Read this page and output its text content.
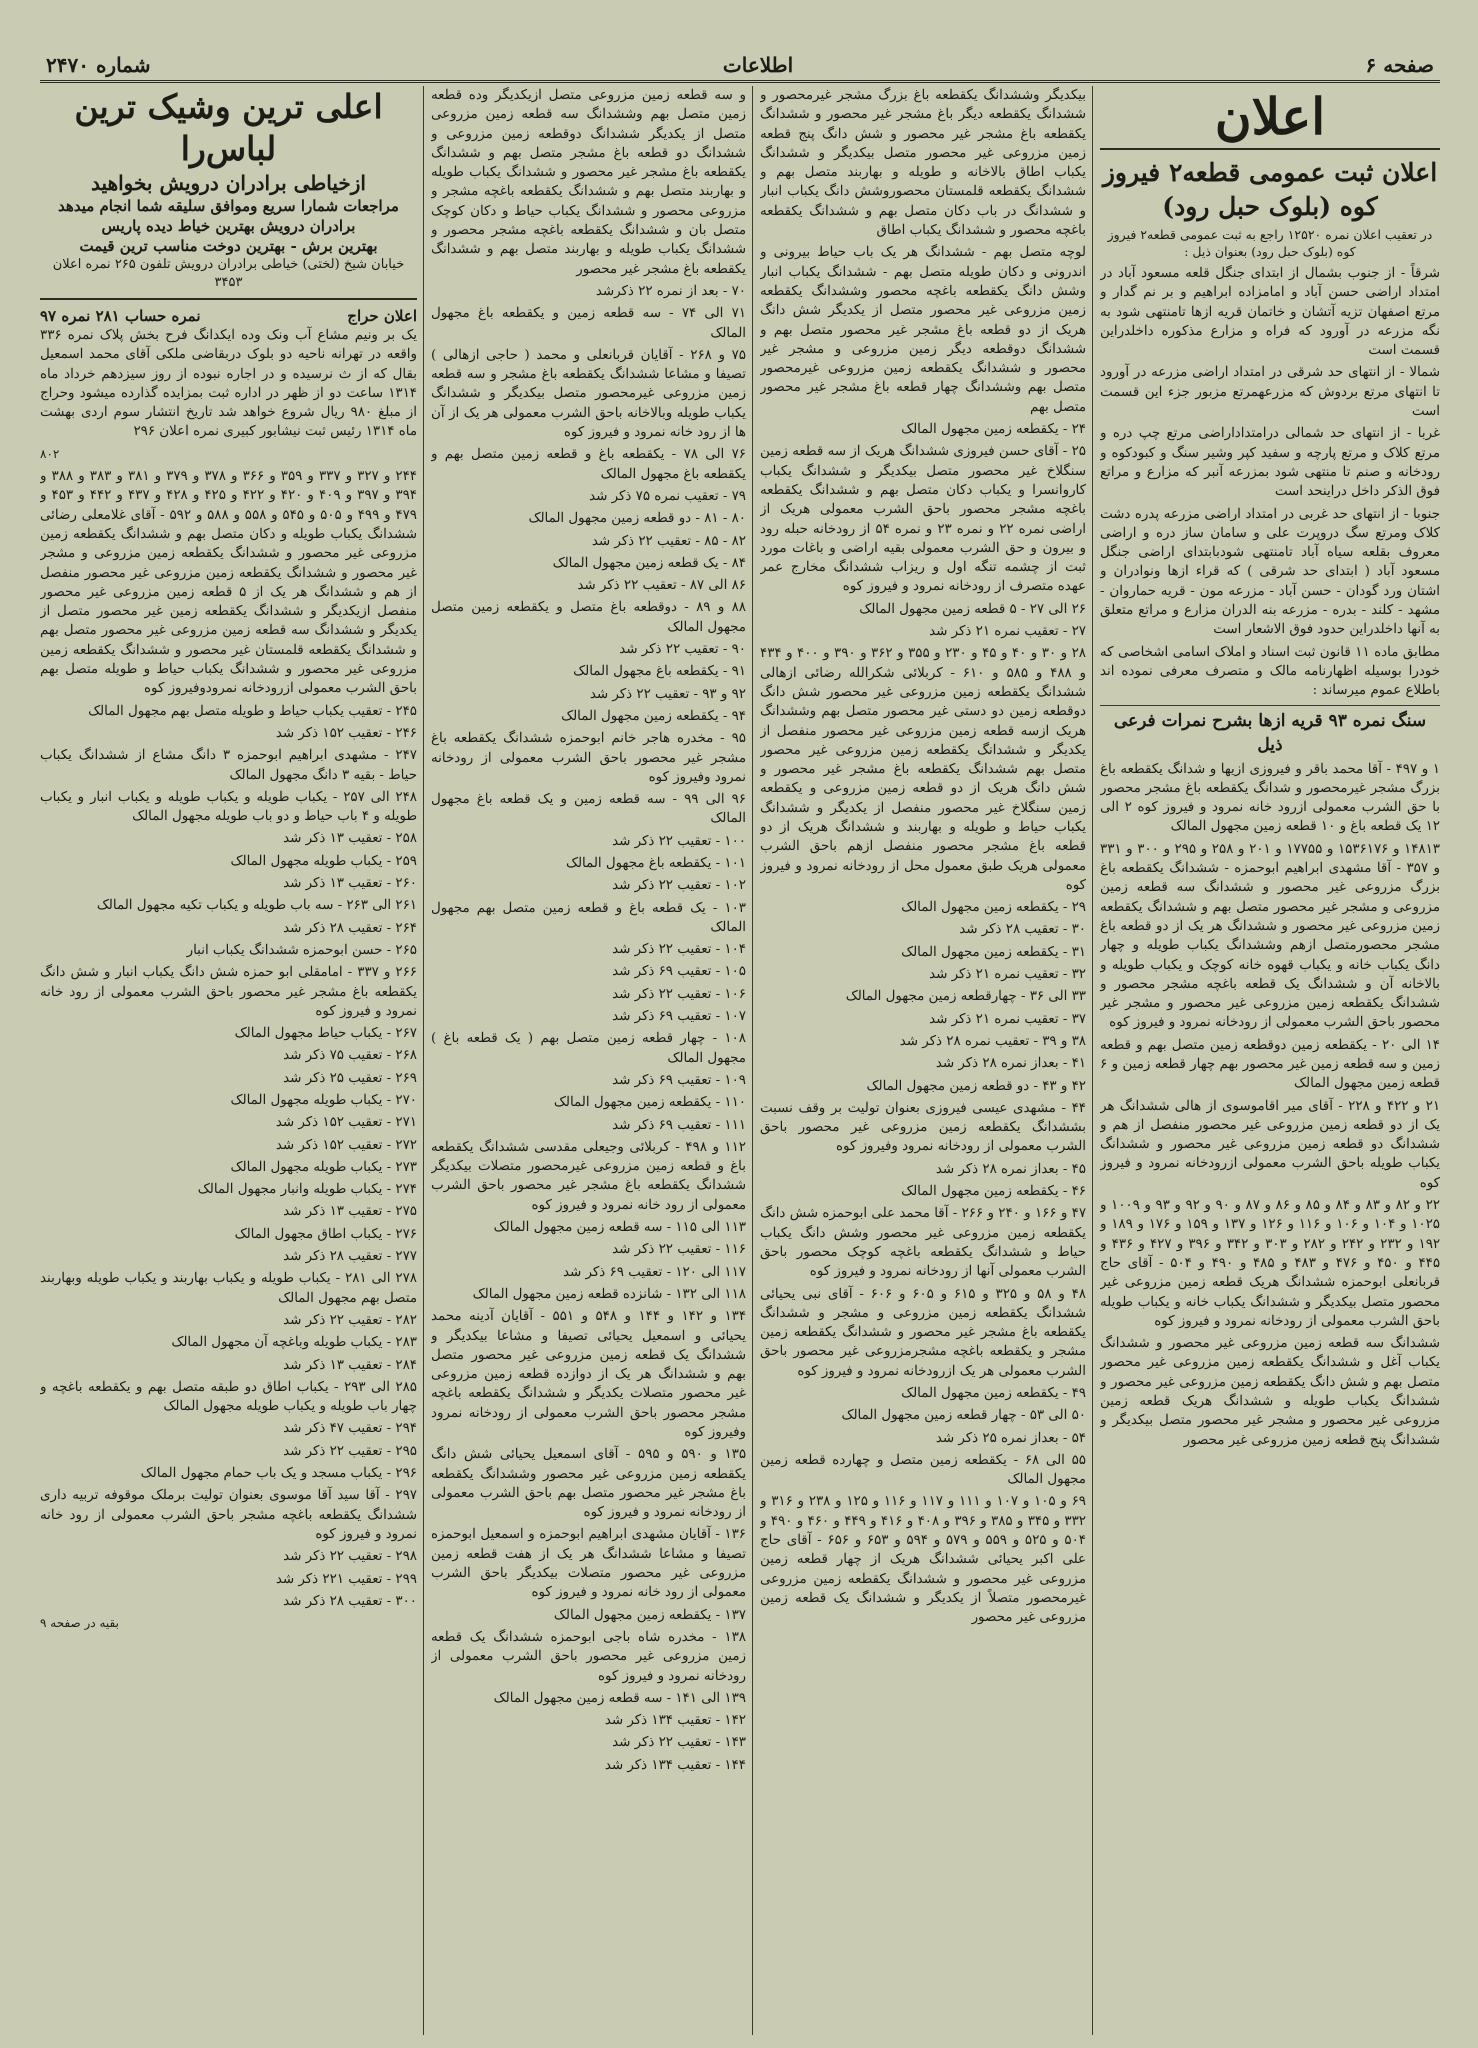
صفحه ۶
اطلاعات
شماره ۲۴۷۰
اعلان
اعلان ثبت عمومی قطعه۲ فیروز کوه (بلوک حبل رود)
در تعقیب اعلان نمره ۱۲۵۲۰ راجع به ثبت عمومی قطعه۲ فیروز کوه (بلوک حبل رود) بعنوان ذیل :

شرقاً - از جنوب بشمال از ابتدای جنگل قلعه مسعود آباد در امتداد اراضی حسن آباد و امامزاده ابراهیم و بر نم گدار و مرتع اصفهان تزیه آتشان و خاتمان قریه ازها تامنتهی شود به نگه مزرعه در آورود که فراه و مزارع مذکوره داخلدراین قسمت است

شمالا - از انتهای حد شرقی در امتداد اراضی مزرعه در آورود تا انتهای مرتع بردوش که مزرعهمرتع مزبور جزء این قسمت است

غربا - از انتهای حد شمالی درامتداداراضی مرتع چپ دره و مرتع کلاک و مرتع پارچه و سفید کپر وشیر سنگ و کبودکوه و رودخانه و صنم تا منتهی شود بمزرعه آنبر که مزارع و مراتع فوق الذکر داخل دراینحد است

جنوبا - از انتهای حد غربی در امتداد اراضی مزرعه پدره دشت کلاک ومرتع سگ دروپرت علی و سامان ساز دره و اراضی معروف بقلعه سیاه آباد تامنتهی شودبابتدای اراضی جنگل مسعود آباد ( ابتدای حد شرقی ) که قراء ازها ونوادران و اشتان ورد گودان - حسن آباد - مزرعه مون - قریه حماروان - مشهد - کلند - بدره - مزرعه بنه الدران مزارع و مراتع متعلق به آنها داخلدراین حدود فوق الاشعار است

مطابق ماده ۱۱ قانون ثبت اسناد و املاک اسامی اشخاصی که خودرا بوسیله اظهارنامه مالک و متصرف معرفی نموده اند باطلاع عموم میرساند :

سنگ نمره ۹۳ قریه ازها بشرح نمرات فرعی ذیل

۱ و ۴۹۷ - آقا محمد باقر و فیروزی ازیها و شدانگ یکقطعه باغ بزرگ مشجر غیرمحصور و شدانگ یکقطعه باغ مشجر محصور با حق الشرب معمولی ازرود خانه نمرود و فیروز کوه ۲ الی ۱۲ یک قطعه باغ و ۱۰ قطعه زمین مجهول المالک

۱۴۸۱۳ و ۱۵۳۶۱۷۶ و ۱۷۷۵۵ و ۲۰۱ و ۲۵۸ و ۲۹۵ و ۳۰۰ و ۳۳۱ و ۳۵۷ - آقا مشهدی ابراهیم ابوحمزه - ششدانگ یکقطعه باغ بزرگ مزروعی غیر محصور و ششدانگ سه قطعه زمین مزروعی و مشجر غیر محصور متصل بهم و ششدانگ یکقطعه زمین مزروعی غیر محصور و ششدانگ هر یک از دو قطعه باغ مشجر محصورمتصل ازهم وششدانگ یکباب طویله و چهار دانگ یکباب خانه و یکباب قهوه خانه کوچک و یکباب طویله و بالاخانه آن و ششدانگ یک قطعه باغچه مشجر محصور و ششدانگ یکقطعه زمین مزروعی غیر محصور و مشجر غیر محصور باحق الشرب معمولی از رودخانه نمرود و فیروز کوه

۱۴ الی ۲۰ - یکقطعه زمین دوقطعه زمین متصل بهم و قطعه زمین و سه قطعه زمین غیر محصور بهم چهار قطعه زمین و ۶ قطعه زمین مجهول المالک

۲۱ و ۴۲۲ و ۲۲۸ - آقای میر اقاموسوی از هالی ششدانگ هر یک از دو قطعه زمین مزروعی غیر محصور منفصل از هم و ششدانگ دو قطعه زمین مزروعی غیر محصور و ششدانگ یکباب طویله باحق الشرب معمولی ازرودخانه نمرود و فیروز کوه

۲۲ و ۸۲ و ۸۳ و ۸۴ و ۸۵ و ۸۶ و ۸۷ و ۹۰ و ۹۲ و ۹۳ و ۱۰۰۹ و ۱۰۲۵ و ۱۰۴ و ۱۰۶ و ۱۱۶ و ۱۲۶ و ۱۳۷ و ۱۵۹ و ۱۷۶ و ۱۸۹ و ۱۹۲ و ۲۳۲ و ۲۴۲ و ۲۸۲ و ۳۰۳ و ۳۴۲ و ۳۹۶ و ۴۲۷ و ۴۳۶ و ۴۴۵ و ۴۵۰ و ۴۷۶ و ۴۸۳ و ۴۸۵ و ۴۹۰ و ۵۰۴ - آقای حاج قربانعلی ابوحمزه ششدانگ هریک قطعه زمین مزروعی غیر محصور متصل بیکدیگر و ششدانگ یکباب خانه و یکباب طویله باحق الشرب معمولی از رودخانه نمرود و فیروز کوه

ششدانگ سه قطعه زمین مزروعی غیر محصور و ششدانگ یکباب آغل و ششدانگ یکقطعه زمین مزروعی غیر محصور متصل بهم و شش دانگ یکقطعه زمین مزروعی غیر محصور و ششدانگ یکباب طویله و ششدانگ هریک قطعه زمین مزروعی غیر محصور و مشجر غیر محصور متصل بیکدیگر و ششدانگ پنج قطعه زمین مزروعی غیر محصور

بیکدیگر وششدانگ یکقطعه باغ بزرگ مشجر غیرمحصور و ششدانگ یکقطعه دیگر باغ مشجر غیر محصور و ششدانگ یکقطعه باغ مشجر غیر محصور و شش دانگ پنج قطعه زمین مزروعی غیر محصور متصل بیکدیگر و ششدانگ یکباب اطاق بالاخانه و طویله و بهاربند متصل بهم و ششدانگ یکقطعه قلمستان محصوروشش دانگ یکباب انبار و ششدانگ در باب دکان متصل بهم و ششدانگ یکقطعه باغچه محصور و ششدانگ یکباب اطاق

لوچه متصل بهم - ششدانگ هر یک باب حیاط بیرونی و اندرونی و دکان طویله متصل بهم - ششدانگ یکباب انبار وشش دانگ یکقطعه باغچه محصور وششدانگ یکقطعه زمین مزروعی غیر محصور متصل از یکدیگر شش دانگ هریک از دو قطعه باغ مشجر غیر محصور متصل بهم و ششدانگ دوقطعه دیگر زمین مزروعی و مشجر غیر محصور و ششدانگ یکقطعه زمین مزروعی غیرمحصور متصل بهم وششدانگ چهار قطعه باغ مشجر غیر محصور متصل بهم

۲۴ - یکقطعه زمین مجهول المالک

۲۵ - آقای حسن فیروزی ششدانگ هریک از سه قطعه زمین سنگلاخ غیر محصور متصل بیکدیگر و ششدانگ یکباب کاروانسرا و یکباب دکان متصل بهم و ششدانگ یکقطعه باغچه مشجر محصور باحق الشرب معمولی هریک از اراضی نمره ۲۲ و نمره ۲۳ و نمره ۵۴ از رودخانه حبله رود و بیرون و حق الشرب معمولی بقیه اراضی و باغات مورد ثبت از چشمه تنگه اول و ریزاب ششدانگ مخارج عمر عهده متصرف از رودخانه نمرود و فیروز کوه

۲۶ الی ۲۷ - ۵ قطعه زمین مجهول المالک

۲۷ - تعقیب نمره ۲۱ ذکر شد

۲۸ و ۳۰ و ۴۰ و ۴۵ و ۲۳۰ و ۳۵۵ و ۳۶۲ و ۳۹۰ و ۴۰۰ و ۴۳۴ و ۴۸۸ و ۵۸۵ و ۶۱۰ - کربلائی شکرالله رضائی ازهالی ششدانگ یکقطعه زمین مزروعی غیر محصور شش دانگ دوقطعه زمین دو دستی غیر محصور متصل بهم وششدانگ هریک ازسه قطعه زمین مزروعی غیر محصور منفصل از یکدیگر و ششدانگ یکقطعه زمین مزروعی غیر محصور متصل بهم ششدانگ یکقطعه باغ مشجر غیر محصور و شش دانگ هریک از دو قطعه زمین مزروعی و یکقطعه زمین سنگلاخ غیر محصور منفصل از یکدیگر و ششدانگ یکباب حیاط و طویله و بهاربند و ششدانگ هریک از دو قطعه باغ مشجر محصور منفصل ازهم باحق الشرب معمولی هریک طبق معمول محل از رودخانه نمرود و فیروز کوه

۲۹ - یکقطعه زمین مجهول المالک

۳۰ - تعقیب ۲۸ ذکر شد

۳۱ - یکقطعه زمین مجهول المالک

۳۲ - تعقیب نمره ۲۱ ذکر شد

۳۳ الی ۳۶ - چهارقطعه زمین مجهول المالک

۳۷ - تعقیب نمره ۲۱ ذکر شد

۳۸ و ۳۹ - تعقیب نمره ۲۸ ذکر شد

۴۱ - بعداز نمره ۲۸ ذکر شد

۴۲ و ۴۳ - دو قطعه زمین مجهول المالک

۴۴ - مشهدی عیسی فیروزی بعنوان تولیت بر وقف نسبت بششدانگ یکقطعه زمین مزروعی غیر محصور باحق الشرب معمولی از رودخانه نمرود وفیروز کوه

۴۵ - بعداز نمره ۲۸ ذکر شد

۴۶ - یکقطعه زمین مجهول المالک

۴۷ و ۱۶۶ و ۲۴۰ و ۲۶۶ - آقا محمد علی ابوحمزه شش دانگ یکقطعه زمین مزروعی غیر محصور وشش دانگ یکباب حیاط و ششدانگ یکقطعه باغچه کوچک محصور باحق الشرب معمولی آنها از رودخانه نمرود و فیروز کوه

۴۸ و ۵۸ و ۳۲۵ و ۶۱۵ و ۶۰۵ و ۶۰۶ - آقای نبی یحیائی ششدانگ یکقطعه زمین مزروعی و مشجر و ششدانگ یکقطعه باغ مشجر غیر محصور و ششدانگ یکقطعه زمین مشجر و یکقطعه باغچه مشجرمزروعی غیر محصور باحق الشرب معمولی هر یک ازرودخانه نمرود و فیروز کوه

۴۹ - یکقطعه زمین مجهول المالک

۵۰ الی ۵۳ - چهار قطعه زمین مجهول المالک

۵۴ - بعداز نمره ۲۵ ذکر شد

۵۵ الی ۶۸ - یکقطعه زمین متصل و چهارده قطعه زمین مجهول المالک

۶۹ و ۱۰۵ و ۱۰۷ و ۱۱۱ و ۱۱۷ و ۱۱۶ و ۱۲۵ و ۲۳۸ و ۳۱۶ و ۳۳۲ و ۳۴۵ و ۳۸۵ و ۳۹۶ و ۴۰۸ و ۴۱۶ و ۴۴۹ و ۴۶۰ و ۴۹۰ و ۵۰۴ و ۵۲۵ و ۵۵۹ و ۵۷۹ و ۵۹۴ و ۶۵۳ و ۶۵۶ - آقای حاج علی اکبر یحیائی ششدانگ هریک از چهار قطعه زمین مزروعی غیر محصور و ششدانگ یکقطعه زمین مزروعی غیرمحصور متصلاً از یکدیگر و ششدانگ یک قطعه زمین مزروعی غیر محصور

و سه قطعه زمین مزروعی متصل ازیکدیگر وده قطعه زمین متصل بهم وششدانگ سه قطعه زمین مزروعی متصل از یکدیگر ششدانگ دوقطعه زمین مزروعی و ششدانگ دو قطعه باغ مشجر متصل بهم و ششدانگ یکقطعه باغ مشجر غیر محصور و ششدانگ یکباب طویله و بهاربند متصل بهم و ششدانگ یکقطعه باغچه مشجر و مزروعی محصور و ششدانگ یکباب حیاط و دکان کوچک متصل بان و ششدانگ یکقطعه باغچه مشجر محصور و ششدانگ یکباب طویله و بهاربند متصل بهم و ششدانگ یکقطعه باغ مشجر غیر محصور

۷۰ - بعد از نمره ۲۲ ذکرشد

۷۱ الی ۷۴ - سه قطعه زمین و یکقطعه باغ مجهول المالک

۷۵ و ۲۶۸ - آقایان قربانعلی و محمد ( حاجی ازهالی ) تصیفا و مشاعا ششدانگ یکقطعه باغ مشجر و سه قطعه زمین مزروعی غیرمحصور متصل بیکدیگر و ششدانگ یکباب طویله وبالاخانه باحق الشرب معمولی هر یک از آن ها از رود خانه نمرود و فیروز کوه

۷۶ الی ۷۸ - یکقطعه باغ و قطعه زمین متصل بهم و یکقطعه باغ مجهول المالک

۷۹ - تعقیب نمره ۷۵ ذکر شد

۸۰ - ۸۱ - دو قطعه زمین مجهول المالک

۸۲ - ۸۵ - تعقیب ۲۲ ذکر شد

۸۴ - یک قطعه زمین مجهول المالک

۸۶ الی ۸۷ - تعقیب ۲۲ ذکر شد

۸۸ و ۸۹ - دوقطعه باغ متصل و یکقطعه زمین متصل مجهول المالک

۹۰ - تعقیب ۲۲ ذکر شد

۹۱ - یکقطعه باغ مجهول المالک

۹۲ و ۹۳ - تعقیب ۲۲ ذکر شد

۹۴ - یکقطعه زمین مجهول المالک

۹۵ - مخدره هاجر خانم ابوحمزه ششدانگ یکقطعه باغ مشجر غیر محصور باحق الشرب معمولی از رودخانه نمرود وفیروز کوه

۹۶ الی ۹۹ - سه قطعه زمین و یک قطعه باغ مجهول المالک

۱۰۰ - تعقیب ۲۲ ذکر شد

۱۰۱ - یکقطعه باغ مجهول المالک

۱۰۲ - تعقیب ۲۲ ذکر شد

۱۰۳ - یک قطعه باغ و قطعه زمین متصل بهم مجهول المالک

۱۰۴ - تعقیب ۲۲ ذکر شد

۱۰۵ - تعقیب ۶۹ ذکر شد

۱۰۶ - تعقیب ۲۲ ذکر شد

۱۰۷ - تعقیب ۶۹ ذکر شد

۱۰۸ - چهار قطعه زمین متصل بهم ( یک قطعه باغ ) مجهول المالک

۱۰۹ - تعقیب ۶۹ ذکر شد

۱۱۰ - یکقطعه زمین مجهول المالک

۱۱۱ - تعقیب ۶۹ ذکر شد

۱۱۲ و ۴۹۸ - کربلائی وجیعلی مقدسی ششدانگ یکقطعه باغ و قطعه زمین مزروعی غیرمحصور متصلات بیکدیگر ششدانگ یکقطعه باغ مشجر غیر محصور باحق الشرب معمولی از رود خانه نمرود و فیروز کوه

۱۱۳ الی ۱۱۵ - سه قطعه زمین مجهول المالک

۱۱۶ - تعقیب ۲۲ ذکر شد

۱۱۷ الی ۱۲۰ - تعقیب ۶۹ ذکر شد

۱۱۸ الی ۱۳۲ - شانزده قطعه زمین مجهول المالک

۱۳۴ و ۱۴۲ و ۱۴۴ و ۵۴۸ و ۵۵۱ - آقایان آدینه محمد یحیائی و اسمعیل یحیائی تصیفا و مشاعا بیکدیگر و ششدانگ یک قطعه زمین مزروعی غیر محصور متصل بهم و ششدانگ هر یک از دوازده قطعه زمین مزروعی غیر محصور متصلات یکدیگر و ششدانگ یکقطعه باغچه مشجر محصور باحق الشرب معمولی از رودخانه نمرود وفیروز کوه

۱۳۵ و ۵۹۰ و ۵۹۵ - آقای اسمعیل یحیائی شش دانگ یکقطعه زمین مزروعی غیر محصور وششدانگ یکقطعه باغ مشجر غیر محصور متصل بهم باحق الشرب معمولی از رودخانه نمرود و فیروز کوه

۱۳۶ - آقایان مشهدی ابراهیم ابوحمزه و اسمعیل ابوحمزه تصیفا و مشاعا ششدانگ هر یک از هفت قطعه زمین مزروعی غیر محصور متصلات بیکدیگر باحق الشرب معمولی از رود خانه نمرود و فیروز کوه

۱۳۷ - یکقطعه زمین مجهول المالک

۱۳۸ - مخدره شاه باجی ابوحمزه ششدانگ یک قطعه زمین مزروعی غیر محصور باحق الشرب معمولی از رودخانه نمرود و فیروز کوه

۱۳۹ الی ۱۴۱ - سه قطعه زمین مجهول المالک

۱۴۲ - تعقیب ۱۳۴ ذکر شد

۱۴۳ - تعقیب ۲۲ ذکر شد

۱۴۴ - تعقیب ۱۳۴ ذکر شد

اعلی ترین وشیک ترین لباس‌را
ازخیاطی برادران درویش بخواهید
مراجعات شمارا سریع وموافق سلیقه شما انجام میدهد
برادران درویش بهترین خیاط دیده پاریس
بهترین برش - بهترین دوخت مناسب ترین قیمت
خیابان شیخ (لختی) خیاطی برادران درویش تلفون ۲۶۵ نمره اعلان ۳۴۵۳
اعلان حراج
نمره حساب ۲۸۱ نمره ۹۷

یک بر ونیم مشاع آب ونک وده ایکدانگ فرح بخش پلاک نمره ۳۳۶ واقعه در تهرانه ناحیه دو بلوک دربقاضی ملکی آقای محمد اسمعیل بقال که از ث نرسیده و در اجاره نبوده از روز سیزدهم خرداد ماه ۱۳۱۴ ساعت دو از ظهر در اداره ثبت بمزایده گذارده میشود وحراج از مبلغ ۹۸۰ ریال شروع خواهد شد تاریخ انتشار سوم اردی بهشت ماه ۱۳۱۴ رئیس ثبت نیشابور کبیری نمره اعلان ۲۹۶

۸۰۲

۲۴۴ و ۳۲۷ و ۳۳۷ و ۳۵۹ و ۳۶۶ و ۳۷۸ و ۳۷۹ و ۳۸۱ و ۳۸۳ و ۳۸۸ و ۳۹۴ و ۳۹۷ و ۴۰۹ و ۴۲۰ و ۴۲۲ و ۴۲۵ و ۴۲۸ و ۴۳۷ و ۴۴۲ و ۴۵۳ و ۴۷۹ و ۴۹۹ و ۵۰۵ و ۵۴۵ و ۵۵۸ و ۵۸۸ و ۵۹۲ - آقای غلامعلی رضائی ششدانگ یکباب طویله و دکان متصل بهم و ششدانگ یکقطعه زمین مزروعی غیر محصور و ششدانگ یکقطعه زمین مزروعی و مشجر غیر محصور و ششدانگ یکقطعه زمین مزروعی غیر محصور منفصل از هم و ششدانگ هر یک از ۵ قطعه زمین مزروعی غیر محصور منفصل ازیکدیگر و ششدانگ یکقطعه زمین غیر محصور متصل از یکدیگر و ششدانگ سه قطعه زمین مزروعی غیر محصور متصل بهم و ششدانگ یکقطعه قلمستان غیر محصور و ششدانگ یکقطعه زمین مزروعی غیر محصور و ششدانگ یکباب حیاط و طویله متصل بهم باحق الشرب معمولی ازرودخانه نمرودوفیروز کوه

۲۴۵ - تعقیب یکباب حیاط و طویله متصل بهم مجهول المالک

۲۴۶ - تعقیب ۱۵۲ ذکر شد

۲۴۷ - مشهدی ابراهیم ابوحمزه ۳ دانگ مشاع از ششدانگ یکباب حیاط - بقیه ۳ دانگ مجهول المالک

۲۴۸ الی ۲۵۷ - یکباب طویله و یکباب طویله و یکباب انبار و یکباب طویله و ۴ باب حیاط و دو باب طویله مجهول المالک

۲۵۸ - تعقیب ۱۳ ذکر شد

۲۵۹ - یکباب طویله مجهول المالک

۲۶۰ - تعقیب ۱۳ ذکر شد

۲۶۱ الی ۲۶۳ - سه باب طویله و یکباب تکیه مجهول المالک

۲۶۴ - تعقیب ۲۸ ذکر شد

۲۶۵ - حسن ابوحمزه ششدانگ یکباب انبار

۲۶۶ و ۳۳۷ - امامقلی ابو حمزه شش دانگ یکباب انبار و شش دانگ یکقطعه باغ مشجر غیر محصور باحق الشرب معمولی از رود خانه نمرود و فیروز کوه

۲۶۷ - یکباب حیاط مجهول المالک

۲۶۸ - تعقیب ۷۵ ذکر شد

۲۶۹ - تعقیب ۲۵ ذکر شد

۲۷۰ - یکباب طویله مجهول المالک

۲۷۱ - تعقیب ۱۵۲ ذکر شد

۲۷۲ - تعقیب ۱۵۲ ذکر شد

۲۷۳ - یکباب طویله مجهول المالک

۲۷۴ - یکباب طویله وانبار مجهول المالک

۲۷۵ - تعقیب ۱۳ ذکر شد

۲۷۶ - یکباب اطاق مجهول المالک

۲۷۷ - تعقیب ۲۸ ذکر شد

۲۷۸ الی ۲۸۱ - یکباب طویله و یکباب بهاربند و یکباب طویله وبهاربند متصل بهم مجهول المالک

۲۸۲ - تعقیب ۲۲ ذکر شد

۲۸۳ - یکباب طویله وباغچه آن مجهول المالک

۲۸۴ - تعقیب ۱۳ ذکر شد

۲۸۵ الی ۲۹۳ - یکباب اطاق دو طبقه متصل بهم و یکقطعه باغچه و چهار باب طویله و یکباب طویله مجهول المالک

۲۹۴ - تعقیب ۴۷ ذکر شد

۲۹۵ - تعقیب ۲۲ ذکر شد

۲۹۶ - یکباب مسجد و یک باب حمام مجهول المالک

۲۹۷ - آقا سید آقا موسوی بعنوان تولیت برملک موقوفه تربیه داری ششدانگ یکقطعه باغچه مشجر باحق الشرب معمولی از رود خانه نمرود و فیروز کوه

۲۹۸ - تعقیب ۲۲ ذکر شد

۲۹۹ - تعقیب ۲۲۱ ذکر شد

۳۰۰ - تعقیب ۲۸ ذکر شد

بقیه در صفحه ۹
